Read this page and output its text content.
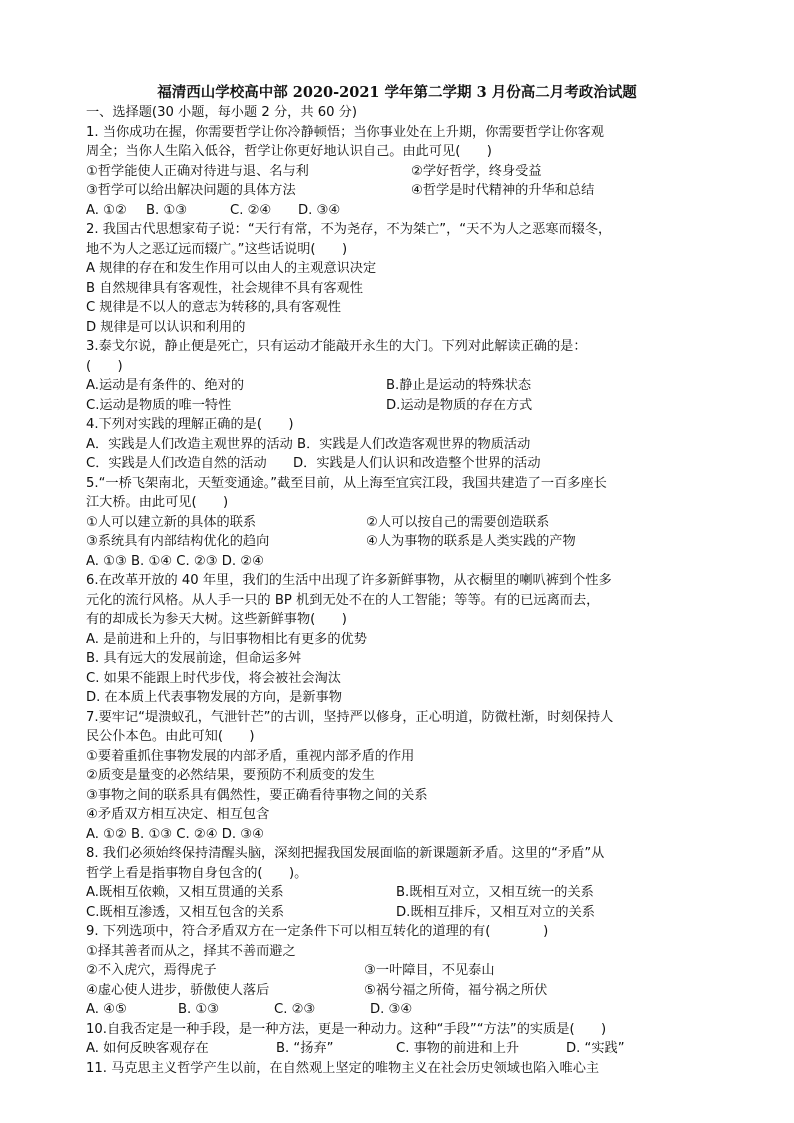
福清西山学校高中部 2020-2021 学年第二学期 3 月份高二月考政治试题
一、选择题(30 小题，每小题 2 分，共 60 分)
1. 当你成功在握，你需要哲学让你冷静顿悟；当你事业处在上升期，你需要哲学让你客观
周全；当你人生陷入低谷，哲学让你更好地认识自己。由此可见(　　)
①哲学能使人正确对待进与退、名与利	②学好哲学，终身受益
③哲学可以给出解决问题的具体方法	④哲学是时代精神的升华和总结
A. ①② B. ①③	C. ②④ D. ③④
2. 我国古代思想家荀子说：“天行有常，不为尧存，不为桀亡”，“天不为人之恶寒而辍冬，
地不为人之恶辽远而辍广。”这些话说明(　　)
A 规律的存在和发生作用可以由人的主观意识决定
B 自然规律具有客观性，社会规律不具有客观性
C 规律是不以人的意志为转移的,具有客观性
D 规律是可以认识和利用的
3.泰戈尔说，静止便是死亡，只有运动才能敲开永生的大门。下列对此解读正确的是：
(　　)
A.运动是有条件的、绝对的	B.静止是运动的特殊状态
C.运动是物质的唯一特性	D.运动是物质的存在方式
4.下列对实践的理解正确的是(　　)
A．实践是人们改造主观世界的活动 B．实践是人们改造客观世界的物质活动
C．实践是人们改造自然的活动　　D．实践是人们认识和改造整个世界的活动
5.“一桥飞架南北，天堑变通途。”截至目前，从上海至宜宾江段，我国共建造了一百多座长
江大桥。由此可见(　　)
①人可以建立新的具体的联系	②人可以按自己的需要创造联系
③系统具有内部结构优化的趋向	④人为事物的联系是人类实践的产物
A. ①③ B. ①④ C. ②③ D. ②④
6.在改革开放的 40 年里，我们的生活中出现了许多新鲜事物，从衣橱里的喇叭裤到个性多
元化的流行风格。从人手一只的 BP 机到无处不在的人工智能；等等。有的已远离而去，
有的却成长为参天大树。这些新鲜事物(　　)
A. 是前进和上升的，与旧事物相比有更多的优势
B. 具有远大的发展前途，但命运多舛
C. 如果不能跟上时代步伐，将会被社会淘汰
D. 在本质上代表事物发展的方向，是新事物
7.要牢记“堤溃蚁孔，气泄针芒”的古训，坚持严以修身，正心明道，防微杜渐，时刻保持人
民公仆本色。由此可知(　　)
①要着重抓住事物发展的内部矛盾，重视内部矛盾的作用
②质变是量变的必然结果，要预防不利质变的发生
③事物之间的联系具有偶然性，要正确看待事物之间的关系
④矛盾双方相互决定、相互包含
A. ①② B. ①③ C. ②④ D. ③④
8. 我们必须始终保持清醒头脑，深刻把握我国发展面临的新课题新矛盾。这里的“矛盾”从
哲学上看是指事物自身包含的(　　)。
A.既相互依赖，又相互贯通的关系	B.既相互对立，又相互统一的关系
C.既相互渗透，又相互包含的关系	D.既相互排斥，又相互对立的关系
9. 下列选项中，符合矛盾双方在一定条件下可以相互转化的道理的有(　　　　)
①择其善者而从之，择其不善而避之
②不入虎穴，焉得虎子	③一叶障目，不见泰山
④虚心使人进步，骄傲使人落后	⑤祸兮福之所倚，福兮祸之所伏
A. ④⑤	B. ①③	C. ②③	D. ③④
10.自我否定是一种手段，是一种方法，更是一种动力。这种“手段”“方法”的实质是(　　)
A. 如何反映客观存在	B. “扬弃”	C. 事物的前进和上升	D. “实践”
11. 马克思主义哲学产生以前，在自然观上坚定的唯物主义在社会历史领域也陷入唯心主
